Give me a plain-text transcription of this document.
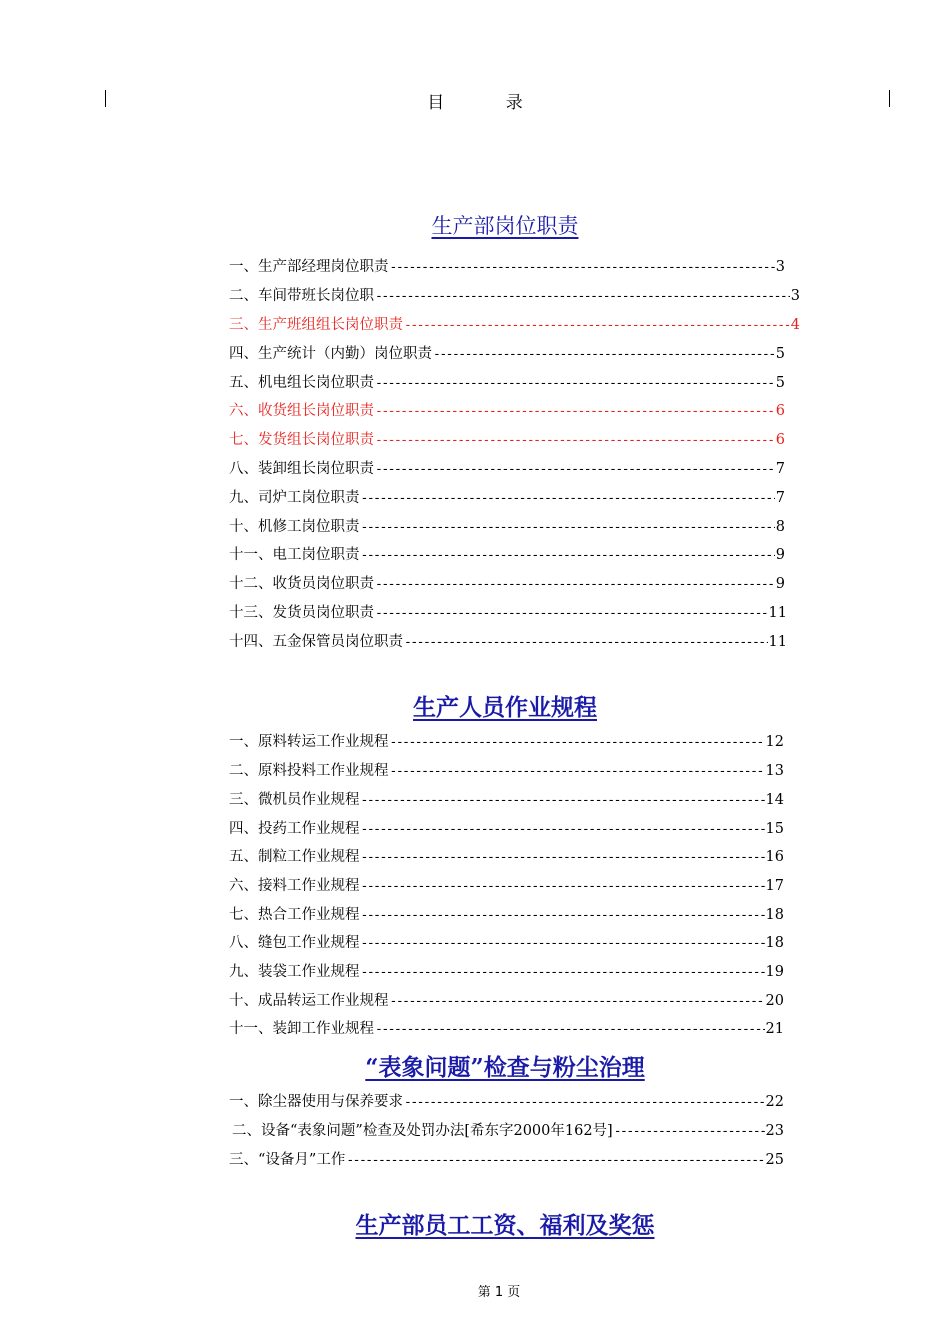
目 录
生产部岗位职责
一、生产部经理岗位职责 -----	3
二、车间带班长岗位职 -----	3
三、生产班组组长岗位职责 -----	4
四、生产统计（内勤）岗位职责 -----	5
五、机电组长岗位职责 -----	5
六、收货组长岗位职责 -----	6
七、发货组长岗位职责 -----	6
八、装卸组长岗位职责 -----	7
九、司炉工岗位职责 -----	7
十、机修工岗位职责 -----	8
十一、电工岗位职责 -----	9
十二、收货员岗位职责 -----	9
十三、发货员岗位职责 -----	11
十四、五金保管员岗位职责 -----	11
生产人员作业规程
一、原料转运工作业规程 -----	12
二、原料投料工作业规程 -----	13
三、微机员作业规程 -----	14
四、投药工作业规程 -----	15
五、制粒工作业规程 -----	16
六、接料工作业规程 -----	17
七、热合工作业规程 -----	18
八、缝包工作业规程 -----	18
九、装袋工作业规程 -----	19
十、成品转运工作业规程 -----	20
十一、装卸工作业规程 -----	21
“表象问题”检查与粉尘治理
一、除尘器使用与保养要求 -----	22
二、设备“表象问题”检查及处罚办法[希东字2000年162号] -----	23
三、“设备月”工作 -----	25
生产部员工工资、福利及奖惩
第 1 页
